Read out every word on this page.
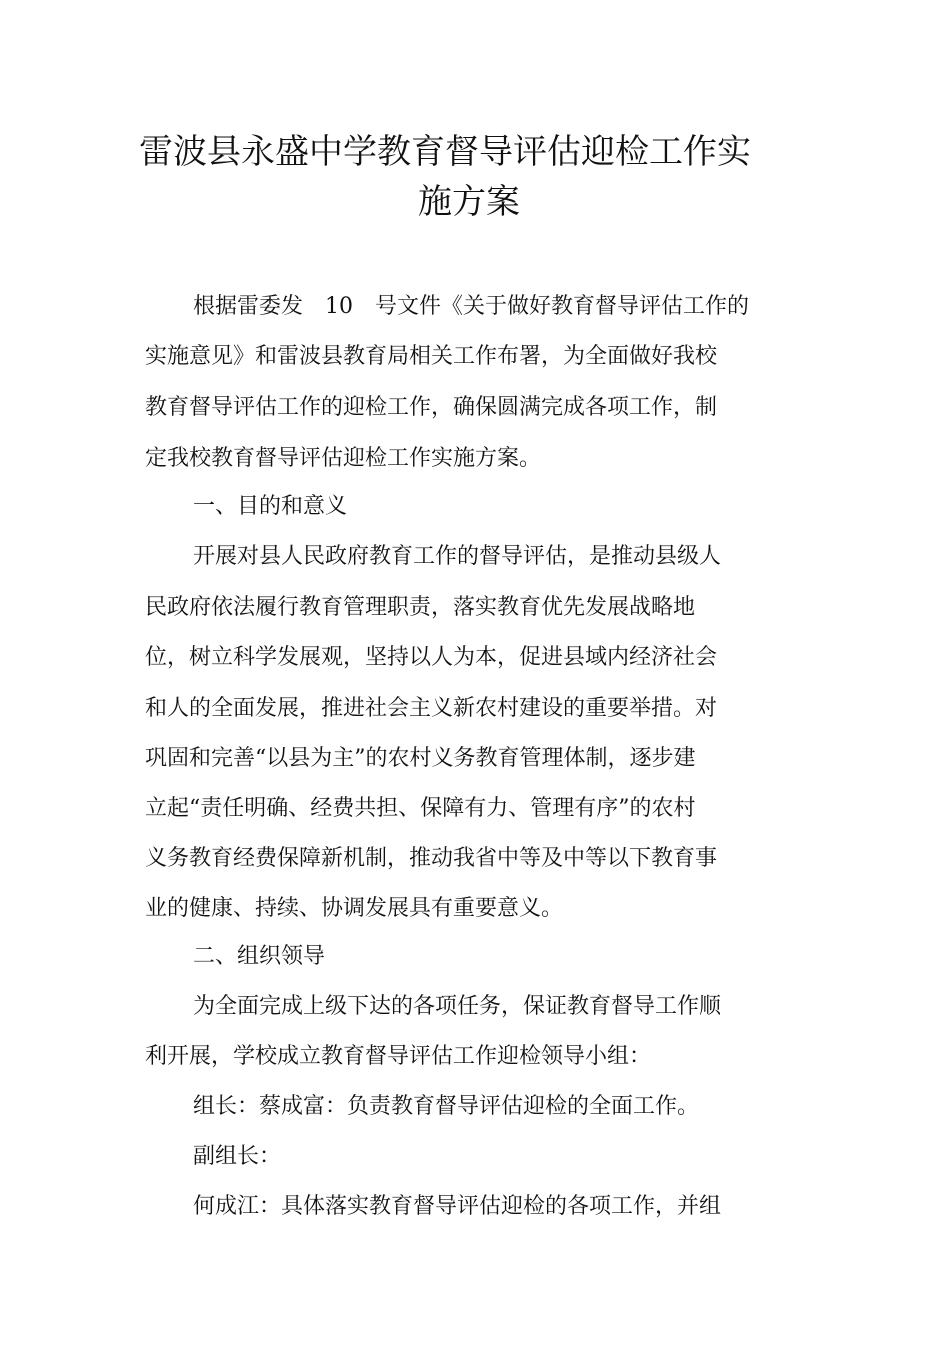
雷波县永盛中学教育督导评估迎检工作实
施方案
根据雷委发　10　号文件《关于做好教育督导评估工作的
实施意见》和雷波县教育局相关工作布署，为全面做好我校
教育督导评估工作的迎检工作，确保圆满完成各项工作，制
定我校教育督导评估迎检工作实施方案。
一、目的和意义
开展对县人民政府教育工作的督导评估，是推动县级人
民政府依法履行教育管理职责，落实教育优先发展战略地
位，树立科学发展观，坚持以人为本，促进县域内经济社会
和人的全面发展，推进社会主义新农村建设的重要举措。对
巩固和完善“以县为主”的农村义务教育管理体制，逐步建
立起“责任明确、经费共担、保障有力、管理有序”的农村
义务教育经费保障新机制，推动我省中等及中等以下教育事
业的健康、持续、协调发展具有重要意义。
二、组织领导
为全面完成上级下达的各项任务，保证教育督导工作顺
利开展，学校成立教育督导评估工作迎检领导小组：
组长：蔡成富：负责教育督导评估迎检的全面工作。
副组长：
何成江：具体落实教育督导评估迎检的各项工作，并组
